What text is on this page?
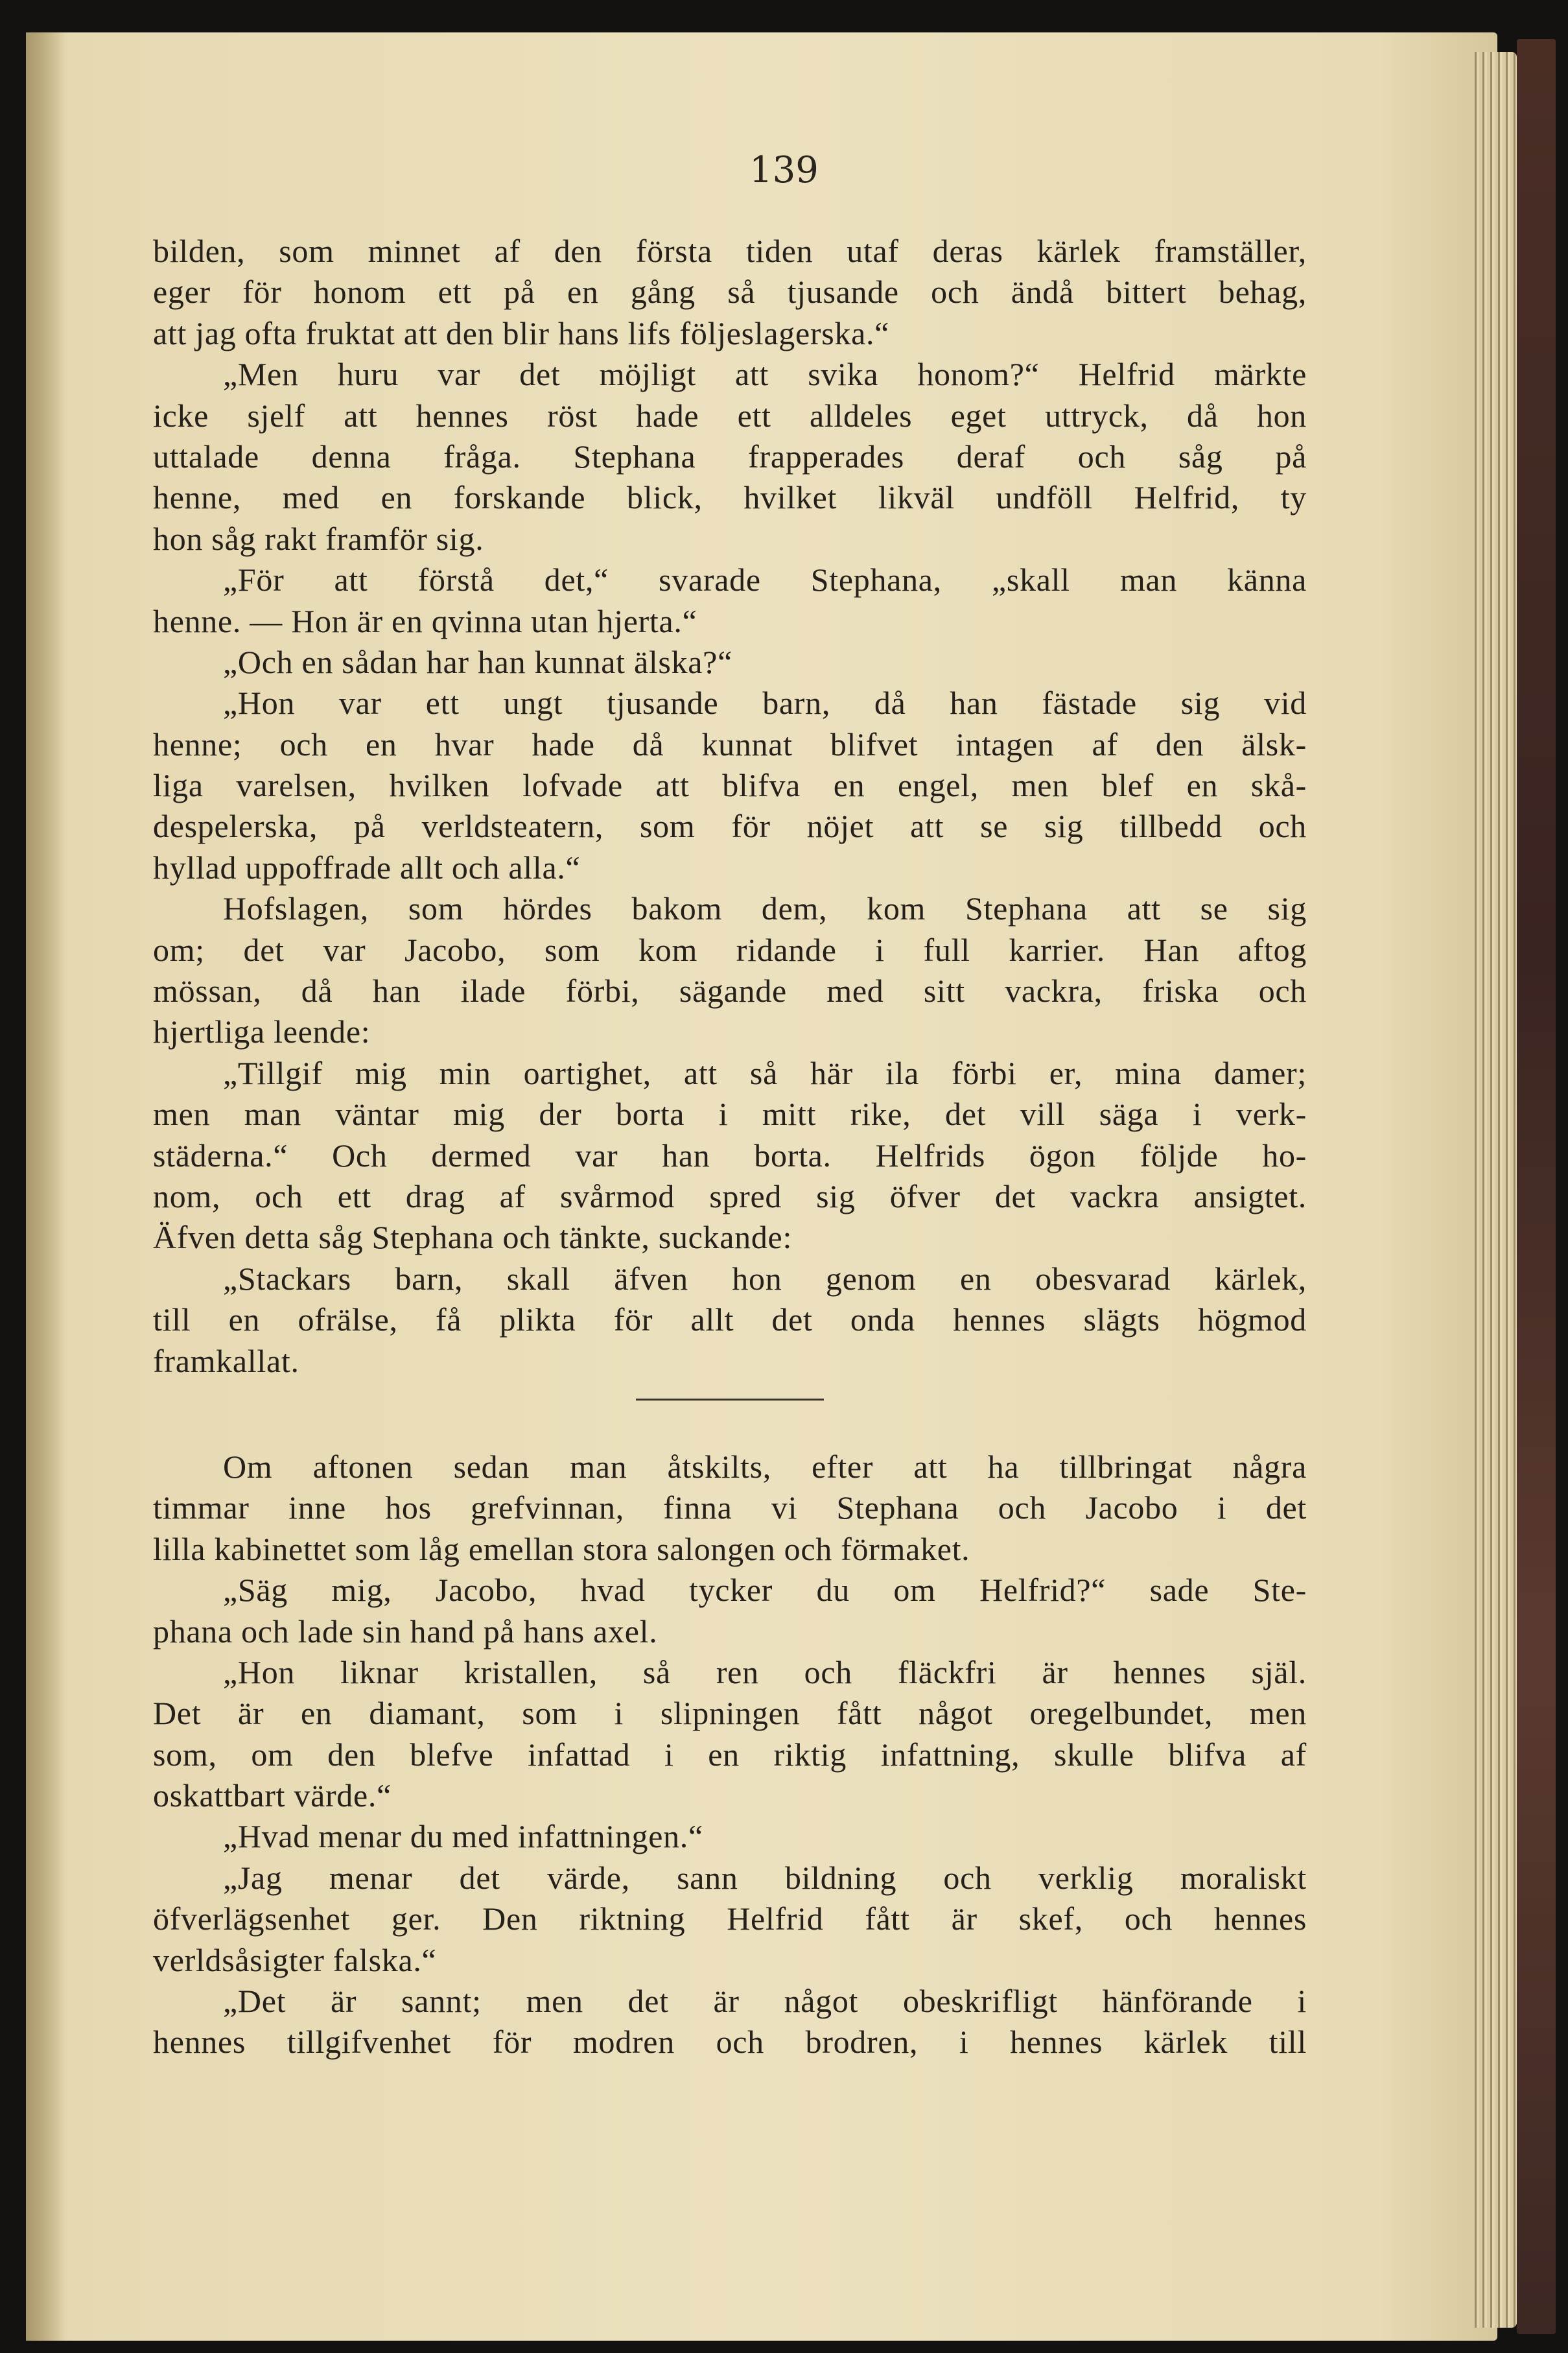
139
bilden, som minnet af den första tiden utaf deras kärlek framställer,
eger för honom ett på en gång så tjusande och ändå bittert behag,
att jag ofta fruktat att den blir hans lifs följeslagerska.“
„Men huru var det möjligt att svika honom?“ Helfrid märkte
icke sjelf att hennes röst hade ett alldeles eget uttryck, då hon
uttalade denna fråga. Stephana frapperades deraf och såg på
henne, med en forskande blick, hvilket likväl undföll Helfrid, ty
hon såg rakt framför sig.
„För att förstå det,“ svarade Stephana, „skall man känna
henne. — Hon är en qvinna utan hjerta.“
„Och en sådan har han kunnat älska?“
„Hon var ett ungt tjusande barn, då han fästade sig vid
henne; och en hvar hade då kunnat blifvet intagen af den älsk-
liga varelsen, hvilken lofvade att blifva en engel, men blef en skå-
despelerska, på verldsteatern, som för nöjet att se sig tillbedd och
hyllad uppoffrade allt och alla.“
Hofslagen, som hördes bakom dem, kom Stephana att se sig
om; det var Jacobo, som kom ridande i full karrier. Han aftog
mössan, då han ilade förbi, sägande med sitt vackra, friska och
hjertliga leende:
„Tillgif mig min oartighet, att så här ila förbi er, mina damer;
men man väntar mig der borta i mitt rike, det vill säga i verk-
städerna.“ Och dermed var han borta. Helfrids ögon följde ho-
nom, och ett drag af svårmod spred sig öfver det vackra ansigtet.
Äfven detta såg Stephana och tänkte, suckande:
„Stackars barn, skall äfven hon genom en obesvarad kärlek,
till en ofrälse, få plikta för allt det onda hennes slägts högmod
framkallat.
Om aftonen sedan man åtskilts, efter att ha tillbringat några
timmar inne hos grefvinnan, finna vi Stephana och Jacobo i det
lilla kabinettet som låg emellan stora salongen och förmaket.
„Säg mig, Jacobo, hvad tycker du om Helfrid?“ sade Ste-
phana och lade sin hand på hans axel.
„Hon liknar kristallen, så ren och fläckfri är hennes själ.
Det är en diamant, som i slipningen fått något oregelbundet, men
som, om den blefve infattad i en riktig infattning, skulle blifva af
oskattbart värde.“
„Hvad menar du med infattningen.“
„Jag menar det värde, sann bildning och verklig moraliskt
öfverlägsenhet ger. Den riktning Helfrid fått är skef, och hennes
verldsåsigter falska.“
„Det är sannt; men det är något obeskrifligt hänförande i
hennes tillgifvenhet för modren och brodren, i hennes kärlek till
